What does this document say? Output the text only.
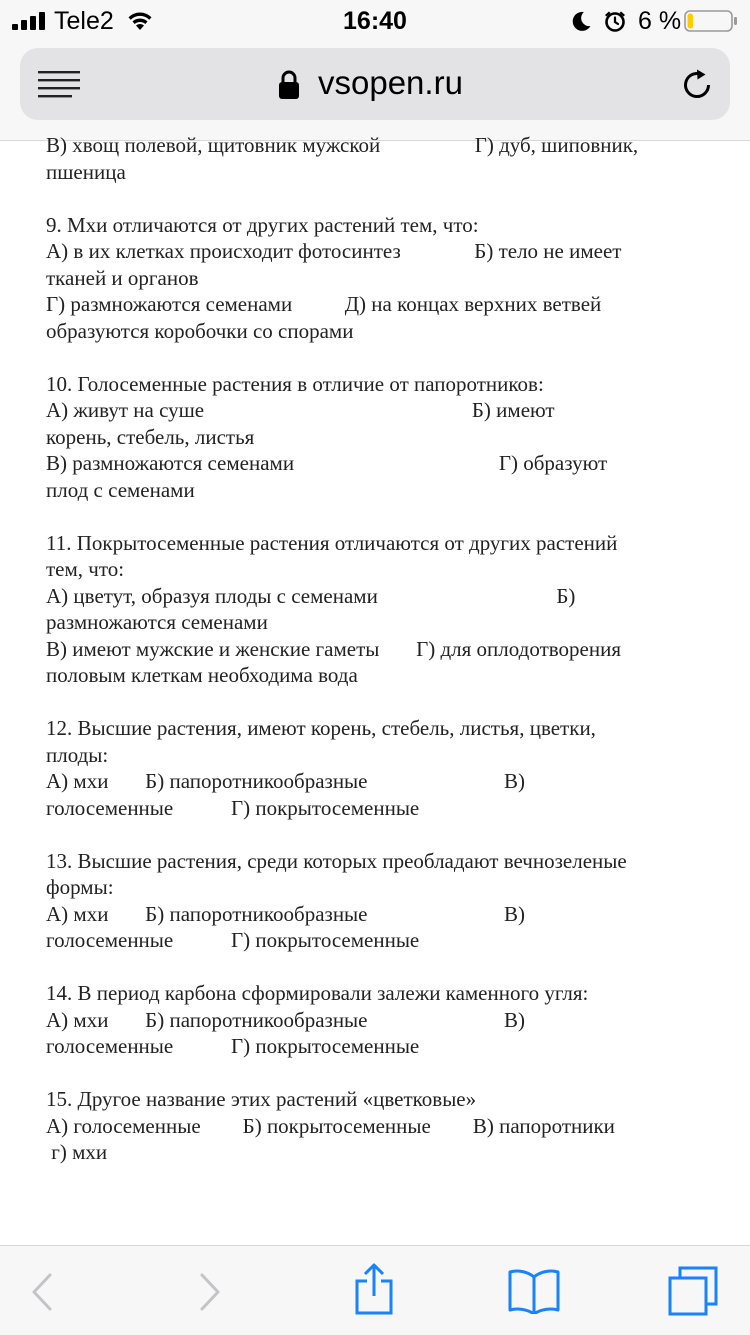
Tele2	16:40	6 %
vsopen.ru
В) хвощ полевой, щитовник мужской                  Г) дуб, шиповник,
пшеница
9. Мхи отличаются от других растений тем, что:
А) в их клетках происходит фотосинтез              Б) тело не имеет
тканей и органов
Г) размножаются семенами          Д) на концах верхних ветвей
образуются коробочки со спорами
10. Голосеменные растения в отличие от папоротников:
А) живут на суше                                                   Б) имеют
корень, стебель, листья
В) размножаются семенами                                       Г) образуют
плод с семенами
11. Покрытосеменные растения отличаются от других растений
тем, что:
А) цветут, образуя плоды с семенами                                  Б)
размножаются семенами
В) имеют мужские и женские гаметы       Г) для оплодотворения
половым клеткам необходима вода
12. Высшие растения, имеют корень, стебель, листья, цветки,
плоды:
А) мхи       Б) папоротникообразные                          В)
голосеменные           Г) покрытосеменные
13. Высшие растения, среди которых преобладают вечнозеленые
формы:
А) мхи       Б) папоротникообразные                          В)
голосеменные           Г) покрытосеменные
14. В период карбона сформировали залежи каменного угля:
А) мхи       Б) папоротникообразные                          В)
голосеменные           Г) покрытосеменные
15. Другое название этих растений «цветковые»
А) голосеменные        Б) покрытосеменные        В) папоротники
г) мхи
